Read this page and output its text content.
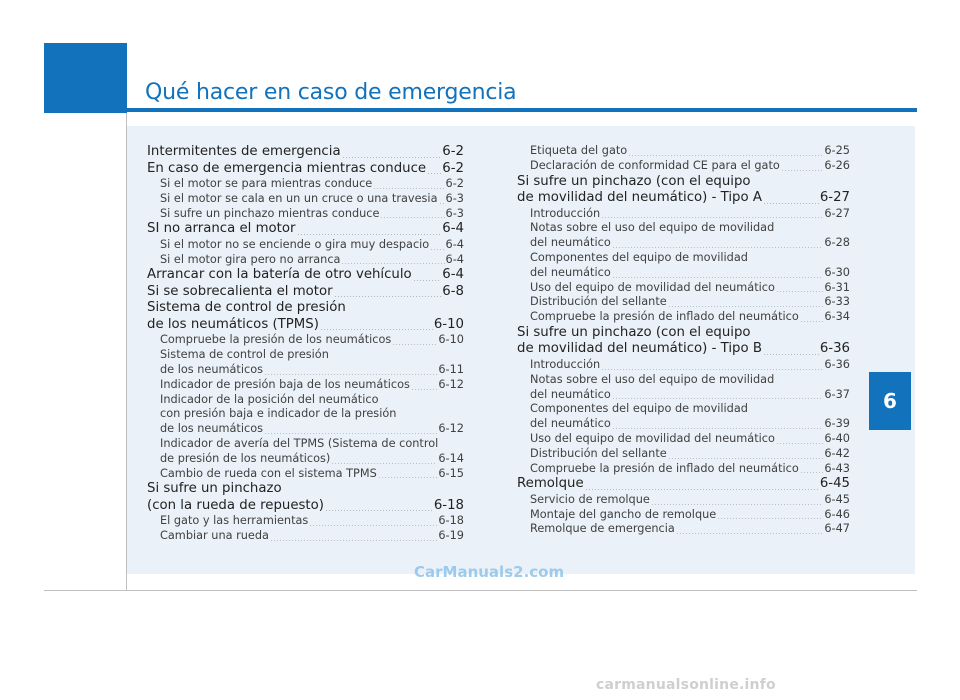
Qué hacer en caso de emergencia
6
Intermitentes de emergencia	6-2
En caso de emergencia mientras conduce 6-2
Si el motor se para mientras conduce	6-2
Si el motor se cala en un un cruce o una travesia 6-3
Si sufre un pinchazo mientras conduce	6-3
SI no arranca el motor	6-4
Si el motor no se enciende o gira muy despacio 6-4
Si el motor gira pero no arranca	6-4
Arrancar con la batería de otro vehículo 6-4
Si se sobrecalienta el motor	6-8
Sistema de control de presión
de los neumáticos (TPMS)	6-10
Compruebe la presión de los neumáticos	6-10
Sistema de control de presión
de los neumáticos	6-11
Indicador de presión baja de los neumáticos	6-12
Indicador de la posición del neumático
con presión baja e indicador de la presión
de los neumáticos	6-12
Indicador de avería del TPMS (Sistema de control
de presión de los neumáticos)	6-14
Cambio de rueda con el sistema TPMS	6-15
Si sufre un pinchazo
(con la rueda de repuesto)	6-18
El gato y las herramientas	6-18
Cambiar una rueda	6-19
Etiqueta del gato	6-25
Declaración de conformidad CE para el gato	6-26
Si sufre un pinchazo (con el equipo
de movilidad del neumático) - Tipo A	6-27
Introducción	6-27
Notas sobre el uso del equipo de movilidad
del neumático	6-28
Componentes del equipo de movilidad
del neumático	6-30
Uso del equipo de movilidad del neumático	6-31
Distribución del sellante	6-33
Compruebe la presión de inflado del neumático 6-34
Si sufre un pinchazo (con el equipo
de movilidad del neumático) - Tipo B	6-36
Introducción	6-36
Notas sobre el uso del equipo de movilidad
del neumático	6-37
Componentes del equipo de movilidad
del neumático	6-39
Uso del equipo de movilidad del neumático	6-40
Distribución del sellante	6-42
Compruebe la presión de inflado del neumático 6-43
Remolque	6-45
Servicio de remolque	6-45
Montaje del gancho de remolque	6-46
Remolque de emergencia	6-47
CarManuals2.com
carmanualsonline.info
